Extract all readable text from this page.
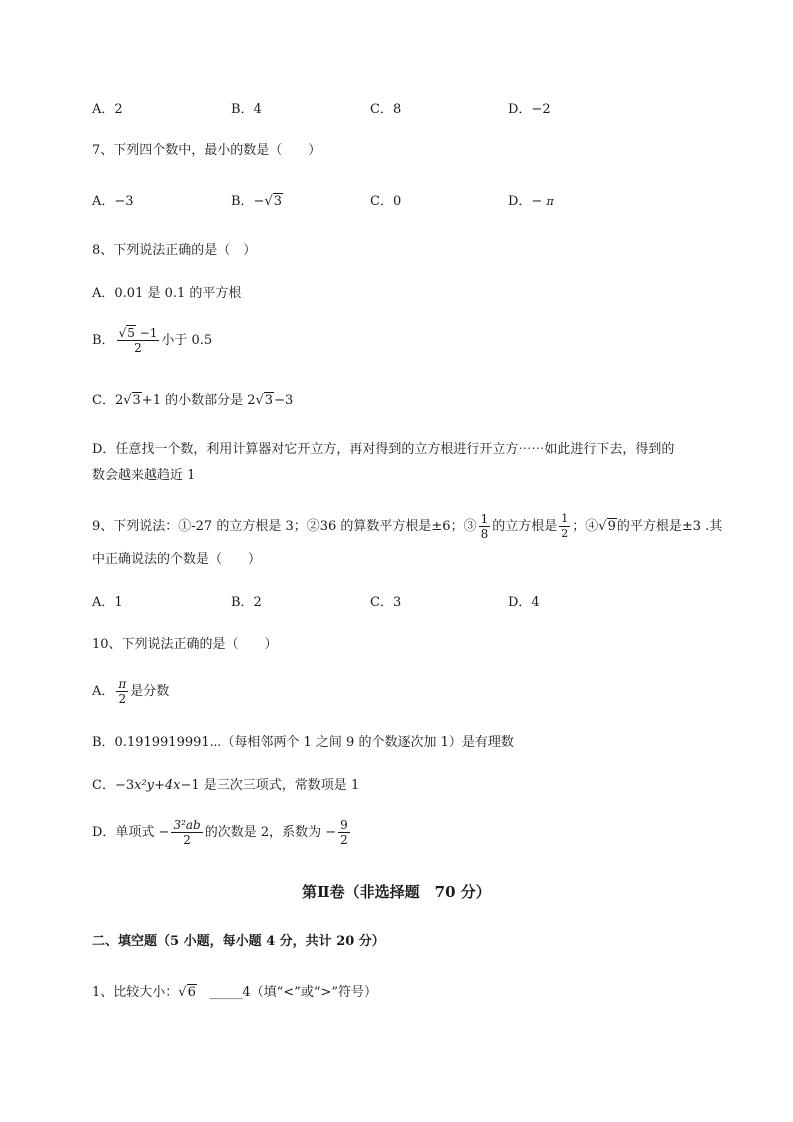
A．2	B．4	C．8	D．−2
7、下列四个数中，最小的数是（　　）
A．−3	B．−√3	C．0	D．− π
8、下列说法正确的是（　）
A．0.01 是 0.1 的平方根
B． $\frac{√5 -1}{2}$ 小于 0.5
C．2√3+1 的小数部分是 2√3−3
D．任意找一个数，利用计算器对它开立方，再对得到的立方根进行开立方⋯⋯如此进行下去，得到的
数会越来越趋近 1
9、下列说法：①-27 的立方根是 3；②36 的算数平方根是±6；③ $\frac{1}{8}$ 的立方根是 $\frac{1}{2}$ ；④√9的平方根是±3 .其
中正确说法的个数是（　　）
A．1	B．2	C．3	D．4
10、下列说法正确的是（　　）
A． $\frac{\pi}{2}$ 是分数
B．0.1919919991⋯（每相邻两个 1 之间 9 的个数逐次加 1）是有理数
C．−3x²y+4x−1 是三次三项式，常数项是 1
D．单项式 − $\frac{\text{3²ab}}{2}$ 的次数是 2，系数为 − $\frac{9}{2}$
第Ⅱ卷（非选择题　70 分）
二、填空题（5 小题，每小题 4 分，共计 20 分）
1、比较大小：√6　 _____4（填“<”或“>”符号）
